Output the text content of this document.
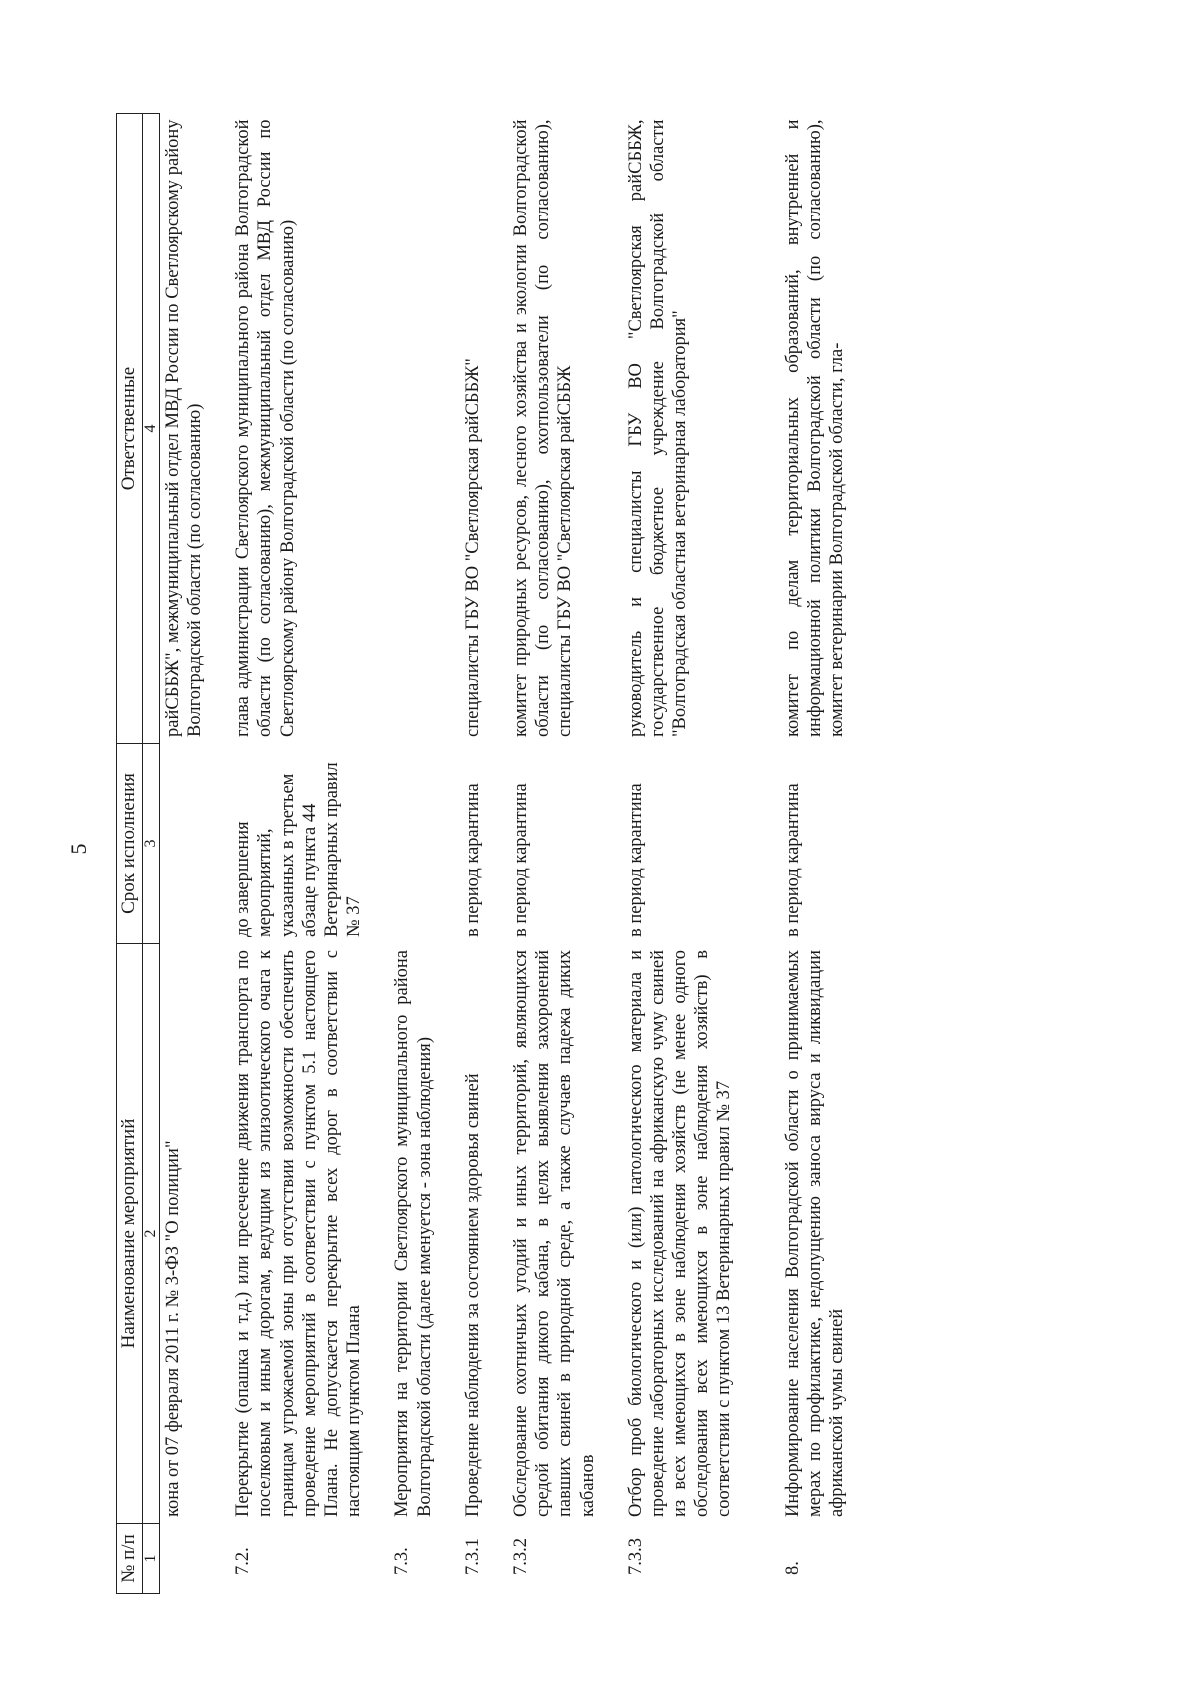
5
№ п/п	Наименование мероприятий	Срок исполнения	Ответственные
1	2	3	4
	кона от 07 февраля 2011 г. № 3-ФЗ "О полиции"		райСББЖ", межмуниципальный отдел МВД России по Светлоярскому району Волгоградской области (по согласованию)
7.2.	Перекрытие (опашка и т.д.) или пресечение движения транспорта по поселковым и иным дорогам, ведущим из эпизоотического очага к границам угрожаемой зоны при отсутствии возможности обеспечить проведение мероприятий в соответствии с пунктом 5.1 настоящего Плана. Не допускается перекрытие всех дорог в соответствии с настоящим пунктом Плана	до завершения мероприятий, указанных в третьем абзаце пункта 44 Ветеринарных правил № 37	глава администрации Светлоярского муниципального района Волгоградской области (по согласованию), межмуниципальный отдел МВД России по Светлоярскому району Волгоградской области (по согласованию)
7.3.	Мероприятия на территории Светлоярского муниципального района Волгоградской области (далее именуется - зона наблюдения)		
7.3.1	Проведение наблюдения за состоянием здоровья свиней	в период карантина	специалисты ГБУ ВО "Светлоярская райСББЖ"
7.3.2	Обследование охотничьих угодий и иных территорий, являющихся средой обитания дикого кабана, в целях выявления захоронений павших свиней в природной среде, а также случаев падежа диких кабанов	в период карантина	комитет природных ресурсов, лесного хозяйства и экологии Волгоградской области (по согласованию), охотпользователи (по согласованию), специалисты ГБУ ВО "Светлоярская райСББЖ
7.3.3	Отбор проб биологического и (или) патологического материала и проведение лабораторных исследований на африканскую чуму свиней из всех имеющихся в зоне наблюдения хозяйств (не менее одного обследования всех имеющихся в зоне наблюдения хозяйств) в соответствии с пунктом 13 Ветеринарных правил № 37	в период карантина	руководитель и специалисты ГБУ ВО "Светлоярская райСББЖ, государственное бюджетное учреждение Волгоградской области "Волгоградская областная ветеринарная лаборатория"
8.	Информирование населения Волгоградской области о принимаемых мерах по профилактике, недопущению заноса вируса и ликвидации африканской чумы свиней	в период карантина	комитет по делам территориальных образований, внутренней и информационной политики Волгоградской области (по согласованию), комитет ветеринарии Волгоградской области, гла-
